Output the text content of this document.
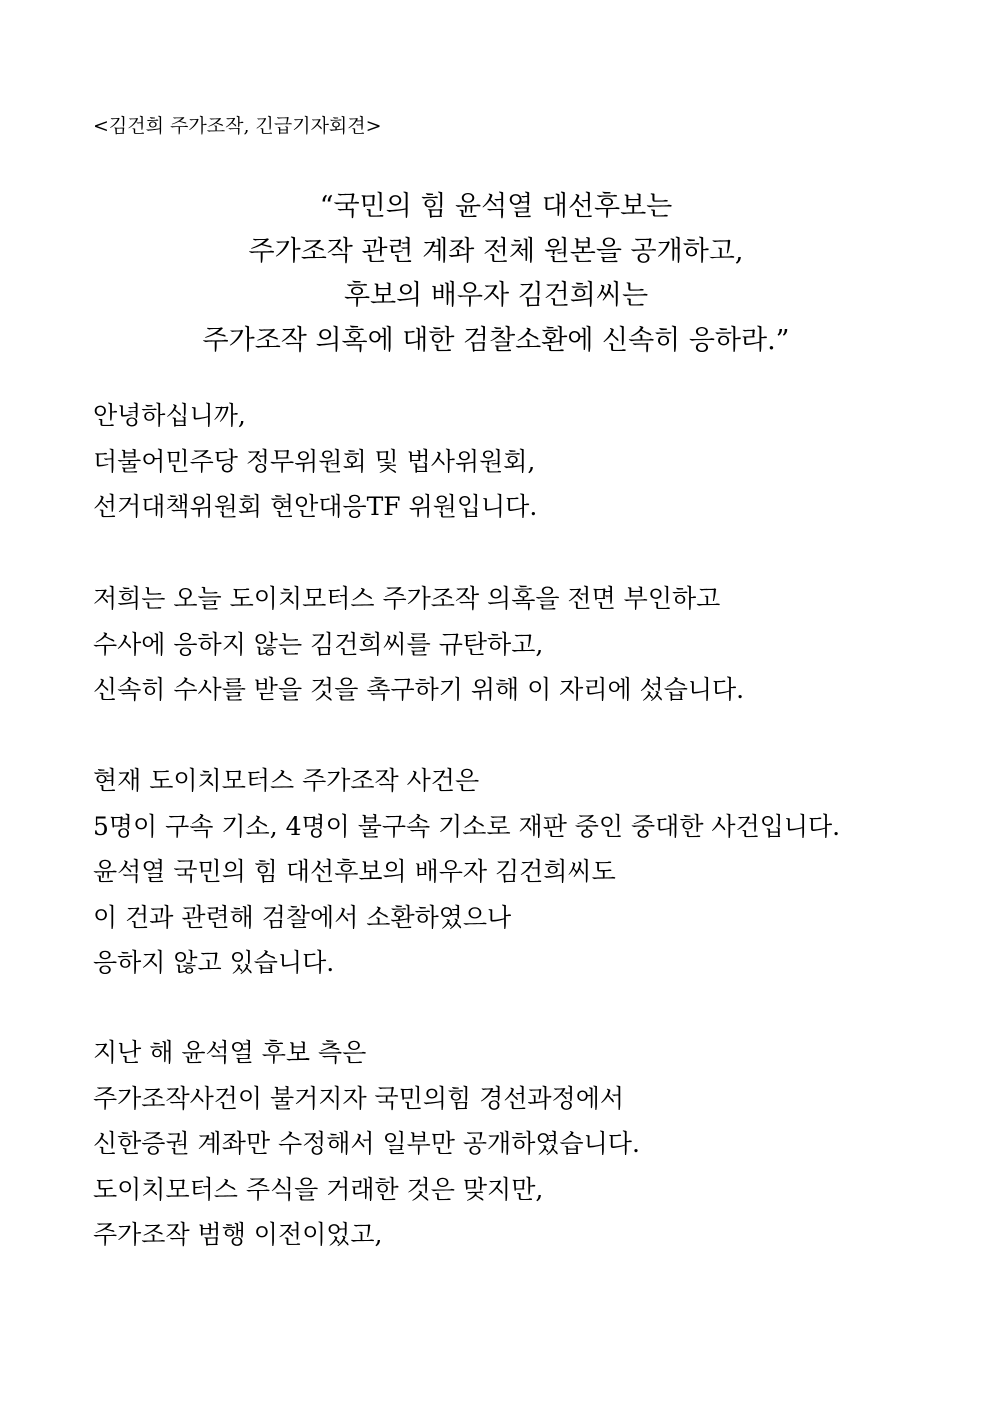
<김건희 주가조작, 긴급기자회견>
“국민의 힘 윤석열 대선후보는
주가조작 관련 계좌 전체 원본을 공개하고,
후보의 배우자 김건희씨는
주가조작 의혹에 대한 검찰소환에 신속히 응하라.”
안녕하십니까,
더불어민주당 정무위원회 및 법사위원회,
선거대책위원회 현안대응TF 위원입니다.
저희는 오늘 도이치모터스 주가조작 의혹을 전면 부인하고
수사에 응하지 않는 김건희씨를 규탄하고,
신속히 수사를 받을 것을 촉구하기 위해 이 자리에 섰습니다.
현재 도이치모터스 주가조작 사건은
5명이 구속 기소, 4명이 불구속 기소로 재판 중인 중대한 사건입니다.
윤석열 국민의 힘 대선후보의 배우자 김건희씨도
이 건과 관련해 검찰에서 소환하였으나
응하지 않고 있습니다.
지난 해 윤석열 후보 측은
주가조작사건이 불거지자 국민의힘 경선과정에서
신한증권 계좌만 수정해서 일부만 공개하였습니다.
도이치모터스 주식을 거래한 것은 맞지만,
주가조작 범행 이전이었고,
